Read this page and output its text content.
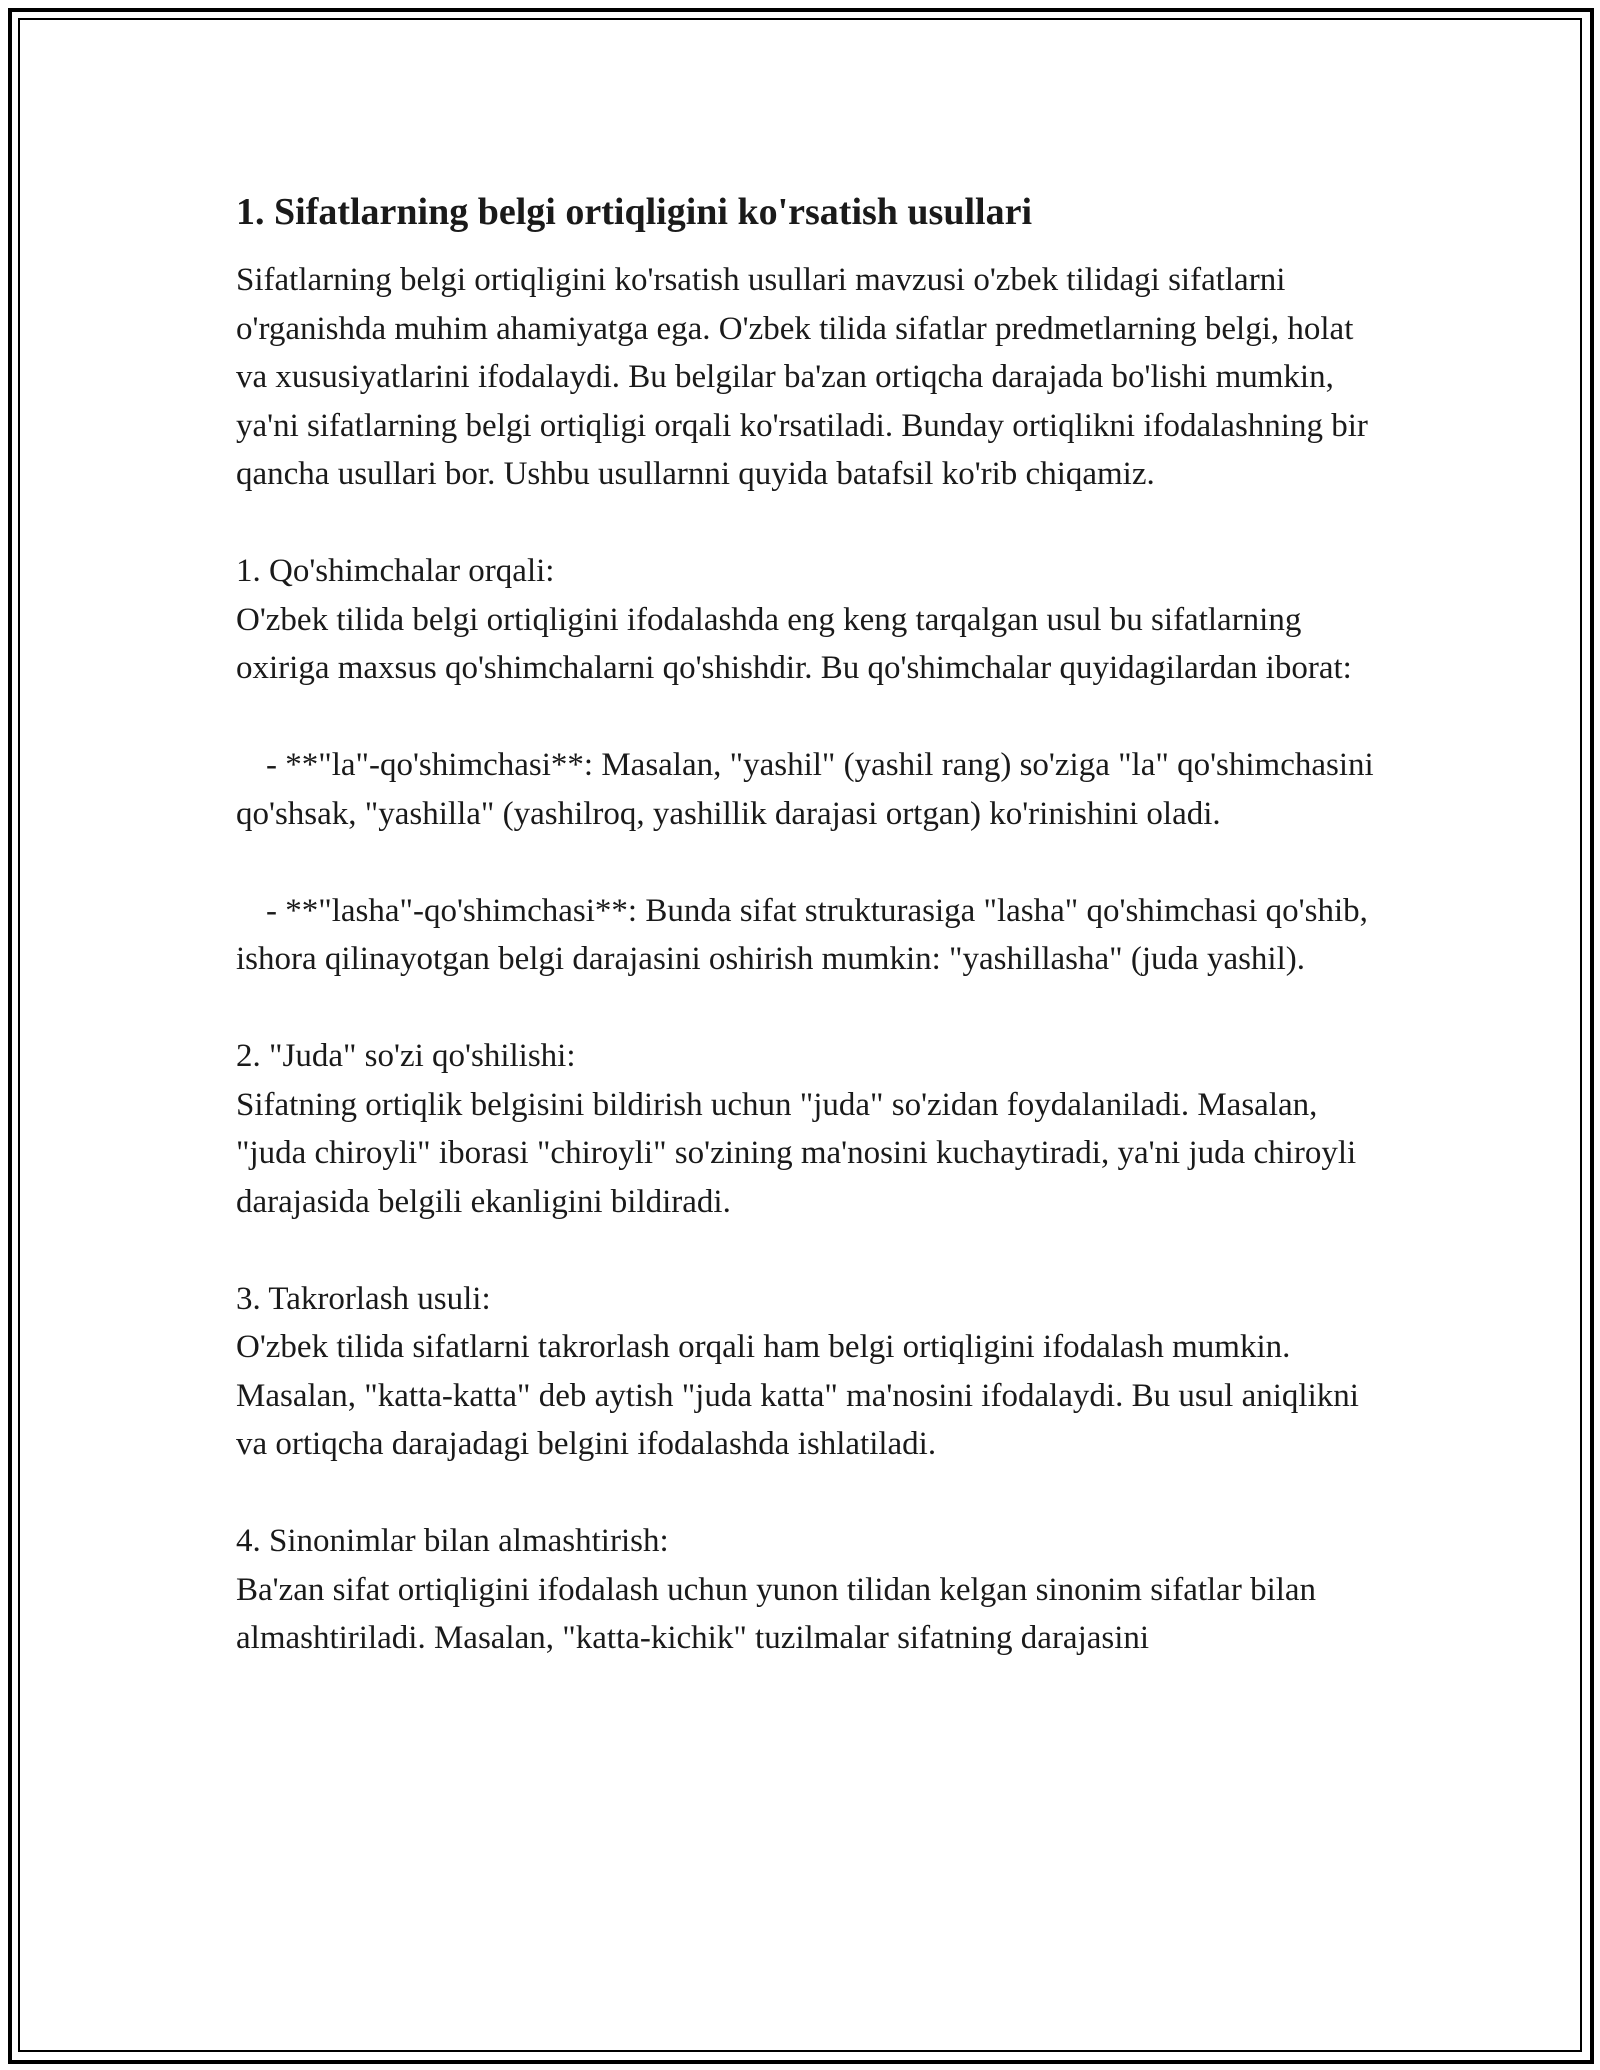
1. Sifatlarning belgi ortiqligini ko'rsatish usullari

Sifatlarning belgi ortiqligini ko'rsatish usullari mavzusi o'zbek tilidagi sifatlarni o'rganishda muhim ahamiyatga ega. O'zbek tilida sifatlar predmetlarning belgi, holat va xususiyatlarini ifodalaydi. Bu belgilar ba'zan ortiqcha darajada bo'lishi mumkin, ya'ni sifatlarning belgi ortiqligi orqali ko'rsatiladi. Bunday ortiqlikni ifodalashning bir qancha usullari bor. Ushbu usullarnni quyida batafsil ko'rib chiqamiz.

1. Qo'shimchalar orqali:

O'zbek tilida belgi ortiqligini ifodalashda eng keng tarqalgan usul bu sifatlarning oxiriga maxsus qo'shimchalarni qo'shishdir. Bu qo'shimchalar quyidagilardan iborat:

- **"la"-qo'shimchasi**: Masalan, "yashil" (yashil rang) so'ziga "la" qo'shimchasini qo'shsak, "yashilla" (yashilroq, yashillik darajasi ortgan) ko'rinishini oladi.

- **"lasha"-qo'shimchasi**: Bunda sifat strukturasiga "lasha" qo'shimchasi qo'shib, ishora qilinayotgan belgi darajasini oshirish mumkin: "yashillasha" (juda yashil).

2. "Juda" so'zi qo'shilishi:

Sifatning ortiqlik belgisini bildirish uchun "juda" so'zidan foydalaniladi. Masalan, "juda chiroyli" iborasi "chiroyli" so'zining ma'nosini kuchaytiradi, ya'ni juda chiroyli darajasida belgili ekanligini bildiradi.

3. Takrorlash usuli:

O'zbek tilida sifatlarni takrorlash orqali ham belgi ortiqligini ifodalash mumkin. Masalan, "katta-katta" deb aytish "juda katta" ma'nosini ifodalaydi. Bu usul aniqlikni va ortiqcha darajadagi belgini ifodalashda ishlatiladi.

4. Sinonimlar bilan almashtirish:

Ba'zan sifat ortiqligini ifodalash uchun yunon tilidan kelgan sinonim sifatlar bilan almashtiriladi. Masalan, "katta-kichik" tuzilmalar sifatning darajasini
